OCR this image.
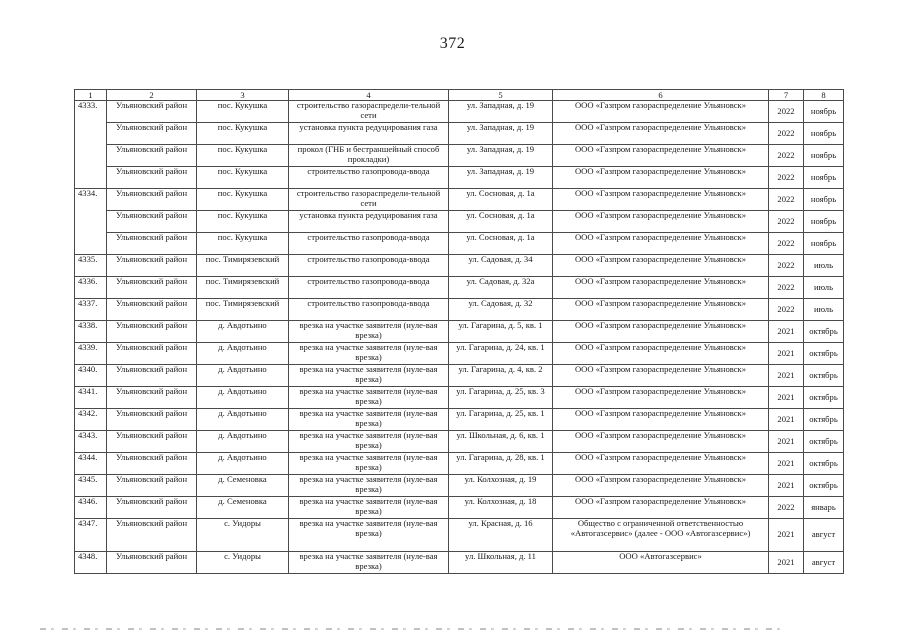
372
1	2	3	4	5	6	7	8
4333.	Ульяновский район	пос. Кукушка	строительство газораспредели-тельной сети	ул. Западная, д. 19	ООО «Газпром газораспределение Ульяновск»	2022	ноябрь
	Ульяновский район	пос. Кукушка	установка пункта редуцирования газа	ул. Западная, д. 19	ООО «Газпром газораспределение Ульяновск»	2022	ноябрь
	Ульяновский район	пос. Кукушка	прокол (ГНБ и бестраншейный способ прокладки)	ул. Западная, д. 19	ООО «Газпром газораспределение Ульяновск»	2022	ноябрь
	Ульяновский район	пос. Кукушка	строительство газопровода-ввода	ул. Западная, д. 19	ООО «Газпром газораспределение Ульяновск»	2022	ноябрь
4334.	Ульяновский район	пос. Кукушка	строительство газораспредели-тельной сети	ул. Сосновая, д. 1а	ООО «Газпром газораспределение Ульяновск»	2022	ноябрь
	Ульяновский район	пос. Кукушка	установка пункта редуцирования газа	ул. Сосновая, д. 1а	ООО «Газпром газораспределение Ульяновск»	2022	ноябрь
	Ульяновский район	пос. Кукушка	строительство газопровода-ввода	ул. Сосновая, д. 1а	ООО «Газпром газораспределение Ульяновск»	2022	ноябрь
4335.	Ульяновский район	пос. Тимирязевский	строительство газопровода-ввода	ул. Садовая, д. 34	ООО «Газпром газораспределение Ульяновск»	2022	июль
4336.	Ульяновский район	пос. Тимирязевский	строительство газопровода-ввода	ул. Садовая, д. 32а	ООО «Газпром газораспределение Ульяновск»	2022	июль
4337.	Ульяновский район	пос. Тимирязевский	строительство газопровода-ввода	ул. Садовая, д. 32	ООО «Газпром газораспределение Ульяновск»	2022	июль
4338.	Ульяновский район	д. Авдотьино	врезка на участке заявителя (нуле-вая врезка)	ул. Гагарина, д. 5, кв. 1	ООО «Газпром газораспределение Ульяновск»	2021	октябрь
4339.	Ульяновский район	д. Авдотьино	врезка на участке заявителя (нуле-вая врезка)	ул. Гагарина, д. 24, кв. 1	ООО «Газпром газораспределение Ульяновск»	2021	октябрь
4340.	Ульяновский район	д. Авдотьино	врезка на участке заявителя (нуле-вая врезка)	ул. Гагарина, д. 4, кв. 2	ООО «Газпром газораспределение Ульяновск»	2021	октябрь
4341.	Ульяновский район	д. Авдотьино	врезка на участке заявителя (нуле-вая врезка)	ул. Гагарина, д. 25, кв. 3	ООО «Газпром газораспределение Ульяновск»	2021	октябрь
4342.	Ульяновский район	д. Авдотьино	врезка на участке заявителя (нуле-вая врезка)	ул. Гагарина, д. 25, кв. 1	ООО «Газпром газораспределение Ульяновск»	2021	октябрь
4343.	Ульяновский район	д. Авдотьино	врезка на участке заявителя (нуле-вая врезка)	ул. Школьная, д. 6, кв. 1	ООО «Газпром газораспределение Ульяновск»	2021	октябрь
4344.	Ульяновский район	д. Авдотьино	врезка на участке заявителя (нуле-вая врезка)	ул. Гагарина, д. 28, кв. 1	ООО «Газпром газораспределение Ульяновск»	2021	октябрь
4345.	Ульяновский район	д. Семеновка	врезка на участке заявителя (нуле-вая врезка)	ул. Колхозная, д. 19	ООО «Газпром газораспределение Ульяновск»	2021	октябрь
4346.	Ульяновский район	д. Семеновка	врезка на участке заявителя (нуле-вая врезка)	ул. Колхозная, д. 18	ООО «Газпром газораспределение Ульяновск»	2022	январь
4347.	Ульяновский район	с. Уидоры	врезка на участке заявителя (нуле-вая врезка)	ул. Красная, д. 16	Общество с ограниченной ответственностью «Автогазсервис» (далее - ООО «Автогазсервис»)	2021	август
4348.	Ульяновский район	с. Уидоры	врезка на участке заявителя (нуле-вая врезка)	ул. Школьная, д. 11	ООО «Автогазсервис»	2021	август
